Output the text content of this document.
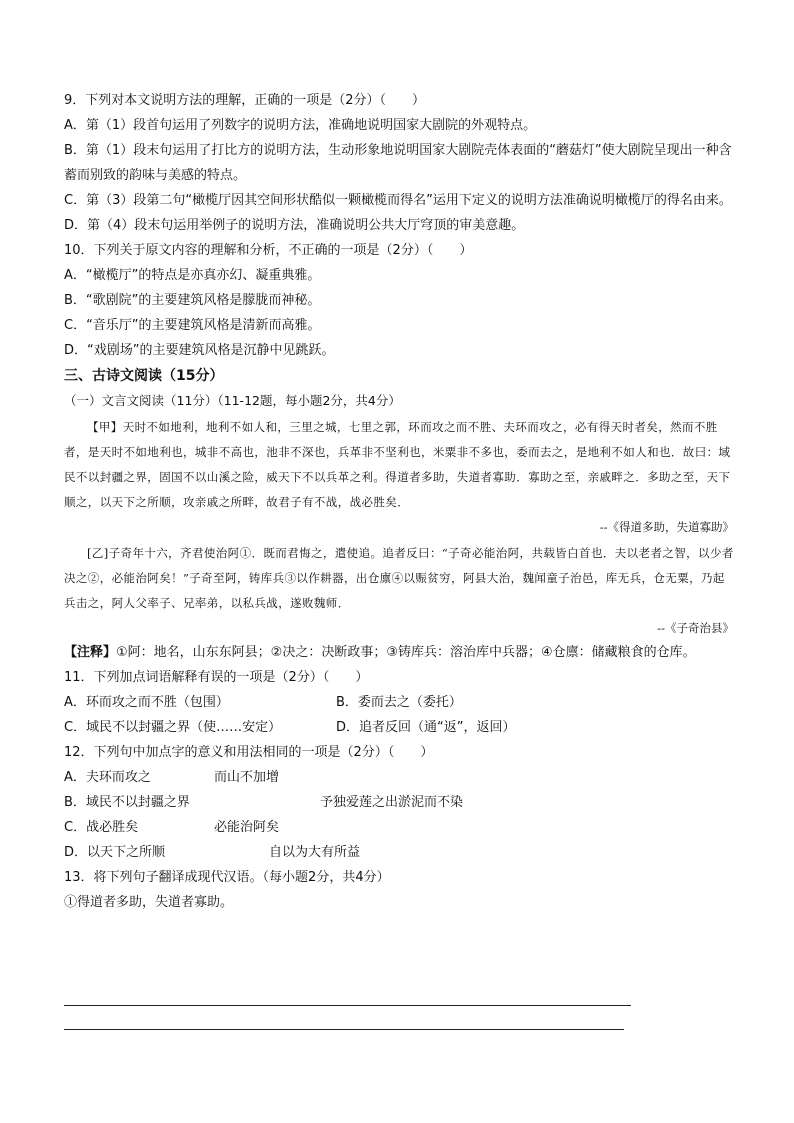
9．下列对本文说明方法的理解，正确的一项是（2分）（　　）
A．第（1）段首句运用了列数字的说明方法，准确地说明国家大剧院的外观特点。
B．第（1）段末句运用了打比方的说明方法，生动形象地说明国家大剧院壳体表面的“蘑菇灯”使大剧院呈现出一种含蓄而别致的韵味与美感的特点。
C．第（3）段第二句“橄榄厅因其空间形状酷似一颗橄榄而得名”运用下定义的说明方法准确说明橄榄厅的得名由来。
D．第（4）段末句运用举例子的说明方法，准确说明公共大厅穹顶的审美意趣。
10．下列关于原文内容的理解和分析，不正确的一项是（2分）（　　）
A．“橄榄厅”的特点是亦真亦幻、凝重典雅。
B．“歌剧院”的主要建筑风格是朦胧而神秘。
C．“音乐厅”的主要建筑风格是清新而高雅。
D．“戏剧场”的主要建筑风格是沉静中见跳跃。
三、古诗文阅读（15分）
（一）文言文阅读（11分）（11-12题，每小题2分，共4分）

【甲】天时不如地利，地利不如人和，三里之城，七里之郭，环而攻之而不胜、夫环而攻之，必有得天时者矣，然而不胜者，是天时不如地利也，城非不高也，池非不深也，兵革非不坚利也，米粟非不多也，委而去之，是地利不如人和也．故曰：域民不以封疆之界，固国不以山溪之险，威天下不以兵革之利。得道者多助，失道者寡助．寡助之至，亲戚畔之．多助之至，天下顺之，以天下之所顺，攻亲戚之所畔，故君子有不战，战必胜矣．

--《得道多助，失道寡助》

[乙]子奇年十六，齐君使治阿①．既而君悔之，遣使追。追者反曰：“子奇必能治阿，共载皆白首也．夫以老者之智，以少者决之②，必能治阿矣！”子奇至阿，铸库兵③以作耕器，出仓廪④以赈贫穷，阿县大治，魏闻童子治邑，库无兵，仓无粟，乃起兵击之，阿人父率子、兄率弟，以私兵战，遂败魏师．

--《子奇治县》
【注释】①阿：地名，山东东阿县；②决之：决断政事；③铸库兵：溶治库中兵器；④仓廪：储藏粮食的仓库。
11．下列加点词语解释有误的一项是（2分）（　　）
A．环而攻之而不胜（包围）	B．委而去之（委托）
C．域民不以封疆之界（使……安定）	D．追者反回（通“返”，返回）
12．下列句中加点字的意义和用法相同的一项是（2分）（　　）
A．夫环而攻之	而山不加增
B．域民不以封疆之界	予独爱莲之出淤泥而不染
C．战必胜矣	必能治阿矣
D．以天下之所顺	自以为大有所益
13．将下列句子翻译成现代汉语。（每小题2分，共4分）
①得道者多助，失道者寡助。
